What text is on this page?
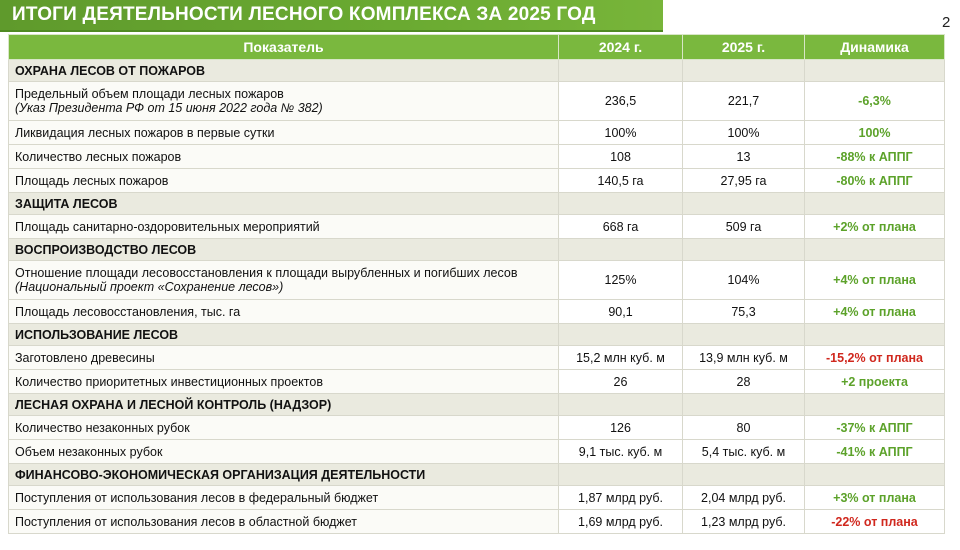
ИТОГИ ДЕЯТЕЛЬНОСТИ ЛЕСНОГО КОМПЛЕКСА ЗА 2025 ГОД	2
Показатель	2024 г.	2025 г.	Динамика
ОХРАНА ЛЕСОВ ОТ ПОЖАРОВ			
Предельный объем площади лесных пожаров
(Указ Президента РФ от 15 июня 2022 года № 382)	236,5	221,7	-6,3%
Ликвидация лесных пожаров в первые сутки	100%	100%	100%
Количество лесных пожаров	108	13	-88% к АППГ
Площадь лесных пожаров	140,5 га	27,95 га	-80% к АППГ
ЗАЩИТА ЛЕСОВ			
Площадь санитарно-оздоровительных мероприятий	668 га	509 га	+2% от плана
ВОСПРОИЗВОДСТВО ЛЕСОВ			
Отношение площади лесовосстановления к площади вырубленных и погибших лесов
(Национальный проект «Сохранение лесов»)	125%	104%	+4% от плана
Площадь лесовосстановления, тыс. га	90,1	75,3	+4% от плана
ИСПОЛЬЗОВАНИЕ ЛЕСОВ			
Заготовлено древесины	15,2 млн куб. м	13,9 млн куб. м	-15,2% от плана
Количество приоритетных инвестиционных проектов	26	28	+2 проекта
ЛЕСНАЯ ОХРАНА И ЛЕСНОЙ КОНТРОЛЬ (НАДЗОР)			
Количество незаконных рубок	126	80	-37% к АППГ
Объем незаконных рубок	9,1 тыс. куб. м	5,4 тыс. куб. м	-41% к АППГ
ФИНАНСОВО-ЭКОНОМИЧЕСКАЯ ОРГАНИЗАЦИЯ ДЕЯТЕЛЬНОСТИ			
Поступления от использования лесов в федеральный бюджет	1,87 млрд руб.	2,04 млрд руб.	+3% от плана
Поступления от использования лесов в областной бюджет	1,69 млрд руб.	1,23 млрд руб.	-22% от плана
